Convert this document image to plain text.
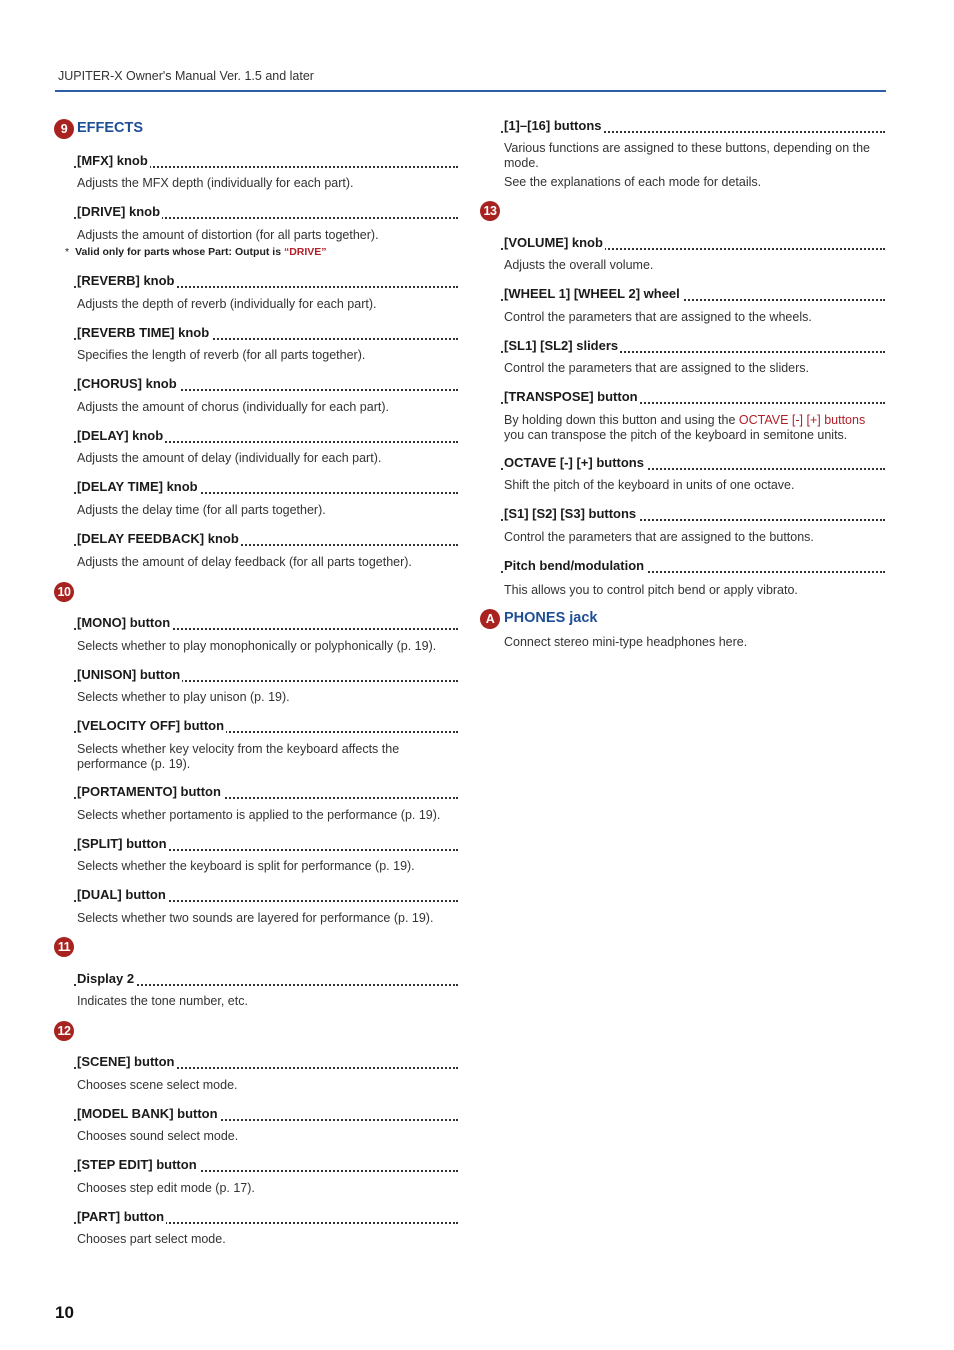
JUPITER-X Owner's Manual Ver. 1.5 and later
9 EFFECTS
[MFX] knob
Adjusts the MFX depth (individually for each part).
[DRIVE] knob
Adjusts the amount of distortion (for all parts together).
* Valid only for parts whose Part: Output is “DRIVE”
[REVERB] knob
Adjusts the depth of reverb (individually for each part).
[REVERB TIME] knob
Specifies the length of reverb (for all parts together).
[CHORUS] knob
Adjusts the amount of chorus (individually for each part).
[DELAY] knob
Adjusts the amount of delay (individually for each part).
[DELAY TIME] knob
Adjusts the delay time (for all parts together).
[DELAY FEEDBACK] knob
Adjusts the amount of delay feedback (for all parts together).
10
[MONO] button
Selects whether to play monophonically or polyphonically (p. 19).
[UNISON] button
Selects whether to play unison (p. 19).
[VELOCITY OFF] button
Selects whether key velocity from the keyboard affects the
performance (p. 19).
[PORTAMENTO] button
Selects whether portamento is applied to the performance (p. 19).
[SPLIT] button
Selects whether the keyboard is split for performance (p. 19).
[DUAL] button
Selects whether two sounds are layered for performance (p. 19).
11
Display 2
Indicates the tone number, etc.
12
[SCENE] button
Chooses scene select mode.
[MODEL BANK] button
Chooses sound select mode.
[STEP EDIT] button
Chooses step edit mode (p. 17).
[PART] button
Chooses part select mode.
[1]–[16] buttons
Various functions are assigned to these buttons, depending on the
mode.
See the explanations of each mode for details.
13
[VOLUME] knob
Adjusts the overall volume.
[WHEEL 1] [WHEEL 2] wheel
Control the parameters that are assigned to the wheels.
[SL1] [SL2] sliders
Control the parameters that are assigned to the sliders.
[TRANSPOSE] button
By holding down this button and using the OCTAVE [-] [+] buttons
you can transpose the pitch of the keyboard in semitone units.
OCTAVE [-] [+] buttons
Shift the pitch of the keyboard in units of one octave.
[S1] [S2] [S3] buttons
Control the parameters that are assigned to the buttons.
Pitch bend/modulation
This allows you to control pitch bend or apply vibrato.
A PHONES jack
Connect stereo mini-type headphones here.
10
